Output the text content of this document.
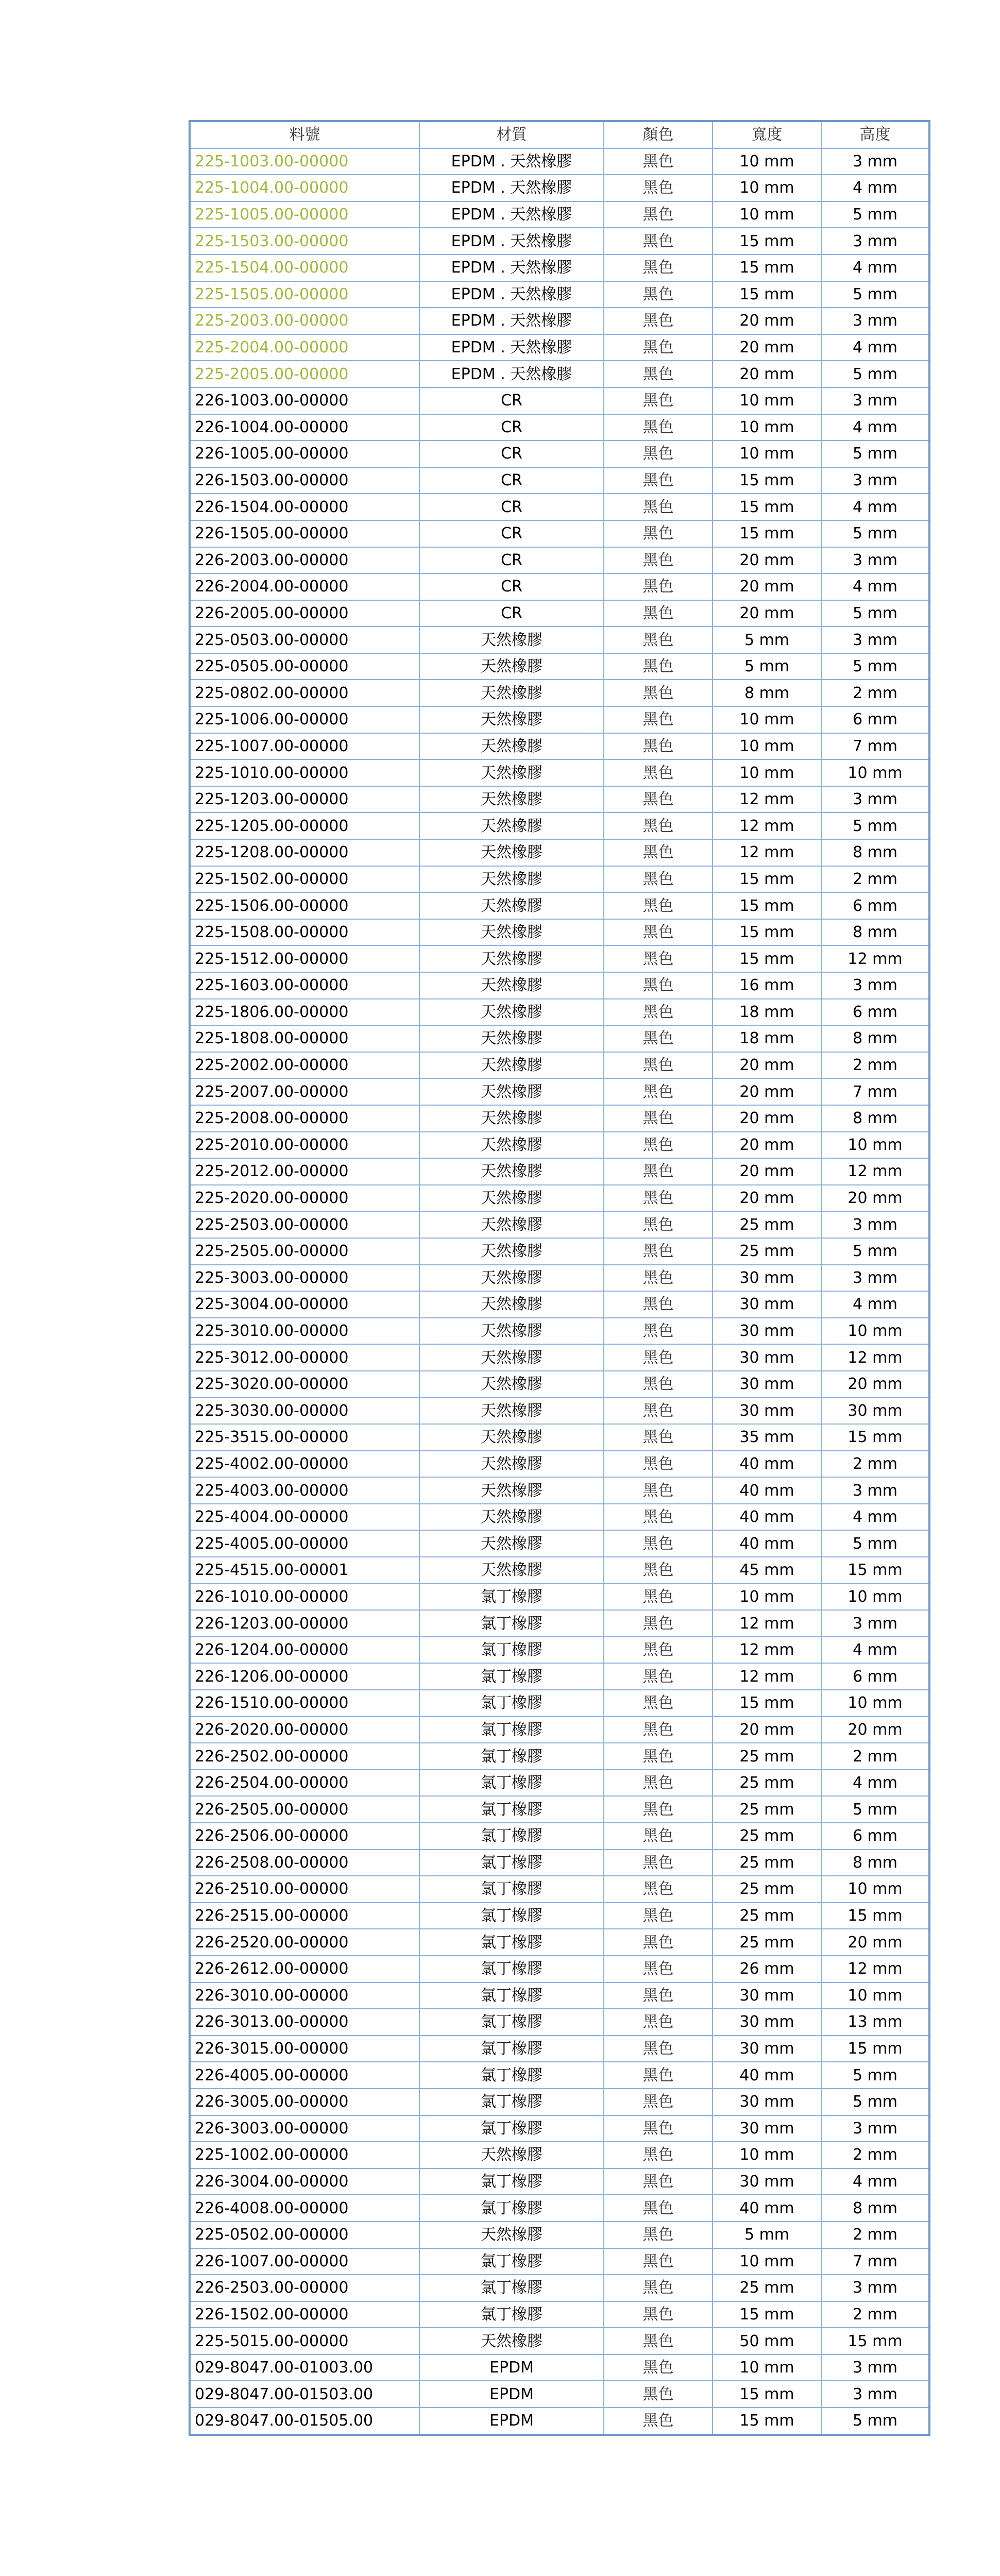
料號	材質	顏色	寬度	高度
225-1003.00-00000	EPDM . 天然橡膠	黑色	10 mm	3 mm
225-1004.00-00000	EPDM . 天然橡膠	黑色	10 mm	4 mm
225-1005.00-00000	EPDM . 天然橡膠	黑色	10 mm	5 mm
225-1503.00-00000	EPDM . 天然橡膠	黑色	15 mm	3 mm
225-1504.00-00000	EPDM . 天然橡膠	黑色	15 mm	4 mm
225-1505.00-00000	EPDM . 天然橡膠	黑色	15 mm	5 mm
225-2003.00-00000	EPDM . 天然橡膠	黑色	20 mm	3 mm
225-2004.00-00000	EPDM . 天然橡膠	黑色	20 mm	4 mm
225-2005.00-00000	EPDM . 天然橡膠	黑色	20 mm	5 mm
226-1003.00-00000	CR	黑色	10 mm	3 mm
226-1004.00-00000	CR	黑色	10 mm	4 mm
226-1005.00-00000	CR	黑色	10 mm	5 mm
226-1503.00-00000	CR	黑色	15 mm	3 mm
226-1504.00-00000	CR	黑色	15 mm	4 mm
226-1505.00-00000	CR	黑色	15 mm	5 mm
226-2003.00-00000	CR	黑色	20 mm	3 mm
226-2004.00-00000	CR	黑色	20 mm	4 mm
226-2005.00-00000	CR	黑色	20 mm	5 mm
225-0503.00-00000	天然橡膠	黑色	5 mm	3 mm
225-0505.00-00000	天然橡膠	黑色	5 mm	5 mm
225-0802.00-00000	天然橡膠	黑色	8 mm	2 mm
225-1006.00-00000	天然橡膠	黑色	10 mm	6 mm
225-1007.00-00000	天然橡膠	黑色	10 mm	7 mm
225-1010.00-00000	天然橡膠	黑色	10 mm	10 mm
225-1203.00-00000	天然橡膠	黑色	12 mm	3 mm
225-1205.00-00000	天然橡膠	黑色	12 mm	5 mm
225-1208.00-00000	天然橡膠	黑色	12 mm	8 mm
225-1502.00-00000	天然橡膠	黑色	15 mm	2 mm
225-1506.00-00000	天然橡膠	黑色	15 mm	6 mm
225-1508.00-00000	天然橡膠	黑色	15 mm	8 mm
225-1512.00-00000	天然橡膠	黑色	15 mm	12 mm
225-1603.00-00000	天然橡膠	黑色	16 mm	3 mm
225-1806.00-00000	天然橡膠	黑色	18 mm	6 mm
225-1808.00-00000	天然橡膠	黑色	18 mm	8 mm
225-2002.00-00000	天然橡膠	黑色	20 mm	2 mm
225-2007.00-00000	天然橡膠	黑色	20 mm	7 mm
225-2008.00-00000	天然橡膠	黑色	20 mm	8 mm
225-2010.00-00000	天然橡膠	黑色	20 mm	10 mm
225-2012.00-00000	天然橡膠	黑色	20 mm	12 mm
225-2020.00-00000	天然橡膠	黑色	20 mm	20 mm
225-2503.00-00000	天然橡膠	黑色	25 mm	3 mm
225-2505.00-00000	天然橡膠	黑色	25 mm	5 mm
225-3003.00-00000	天然橡膠	黑色	30 mm	3 mm
225-3004.00-00000	天然橡膠	黑色	30 mm	4 mm
225-3010.00-00000	天然橡膠	黑色	30 mm	10 mm
225-3012.00-00000	天然橡膠	黑色	30 mm	12 mm
225-3020.00-00000	天然橡膠	黑色	30 mm	20 mm
225-3030.00-00000	天然橡膠	黑色	30 mm	30 mm
225-3515.00-00000	天然橡膠	黑色	35 mm	15 mm
225-4002.00-00000	天然橡膠	黑色	40 mm	2 mm
225-4003.00-00000	天然橡膠	黑色	40 mm	3 mm
225-4004.00-00000	天然橡膠	黑色	40 mm	4 mm
225-4005.00-00000	天然橡膠	黑色	40 mm	5 mm
225-4515.00-00001	天然橡膠	黑色	45 mm	15 mm
226-1010.00-00000	氯丁橡膠	黑色	10 mm	10 mm
226-1203.00-00000	氯丁橡膠	黑色	12 mm	3 mm
226-1204.00-00000	氯丁橡膠	黑色	12 mm	4 mm
226-1206.00-00000	氯丁橡膠	黑色	12 mm	6 mm
226-1510.00-00000	氯丁橡膠	黑色	15 mm	10 mm
226-2020.00-00000	氯丁橡膠	黑色	20 mm	20 mm
226-2502.00-00000	氯丁橡膠	黑色	25 mm	2 mm
226-2504.00-00000	氯丁橡膠	黑色	25 mm	4 mm
226-2505.00-00000	氯丁橡膠	黑色	25 mm	5 mm
226-2506.00-00000	氯丁橡膠	黑色	25 mm	6 mm
226-2508.00-00000	氯丁橡膠	黑色	25 mm	8 mm
226-2510.00-00000	氯丁橡膠	黑色	25 mm	10 mm
226-2515.00-00000	氯丁橡膠	黑色	25 mm	15 mm
226-2520.00-00000	氯丁橡膠	黑色	25 mm	20 mm
226-2612.00-00000	氯丁橡膠	黑色	26 mm	12 mm
226-3010.00-00000	氯丁橡膠	黑色	30 mm	10 mm
226-3013.00-00000	氯丁橡膠	黑色	30 mm	13 mm
226-3015.00-00000	氯丁橡膠	黑色	30 mm	15 mm
226-4005.00-00000	氯丁橡膠	黑色	40 mm	5 mm
226-3005.00-00000	氯丁橡膠	黑色	30 mm	5 mm
226-3003.00-00000	氯丁橡膠	黑色	30 mm	3 mm
225-1002.00-00000	天然橡膠	黑色	10 mm	2 mm
226-3004.00-00000	氯丁橡膠	黑色	30 mm	4 mm
226-4008.00-00000	氯丁橡膠	黑色	40 mm	8 mm
225-0502.00-00000	天然橡膠	黑色	5 mm	2 mm
226-1007.00-00000	氯丁橡膠	黑色	10 mm	7 mm
226-2503.00-00000	氯丁橡膠	黑色	25 mm	3 mm
226-1502.00-00000	氯丁橡膠	黑色	15 mm	2 mm
225-5015.00-00000	天然橡膠	黑色	50 mm	15 mm
029-8047.00-01003.00	EPDM	黑色	10 mm	3 mm
029-8047.00-01503.00	EPDM	黑色	15 mm	3 mm
029-8047.00-01505.00	EPDM	黑色	15 mm	5 mm
